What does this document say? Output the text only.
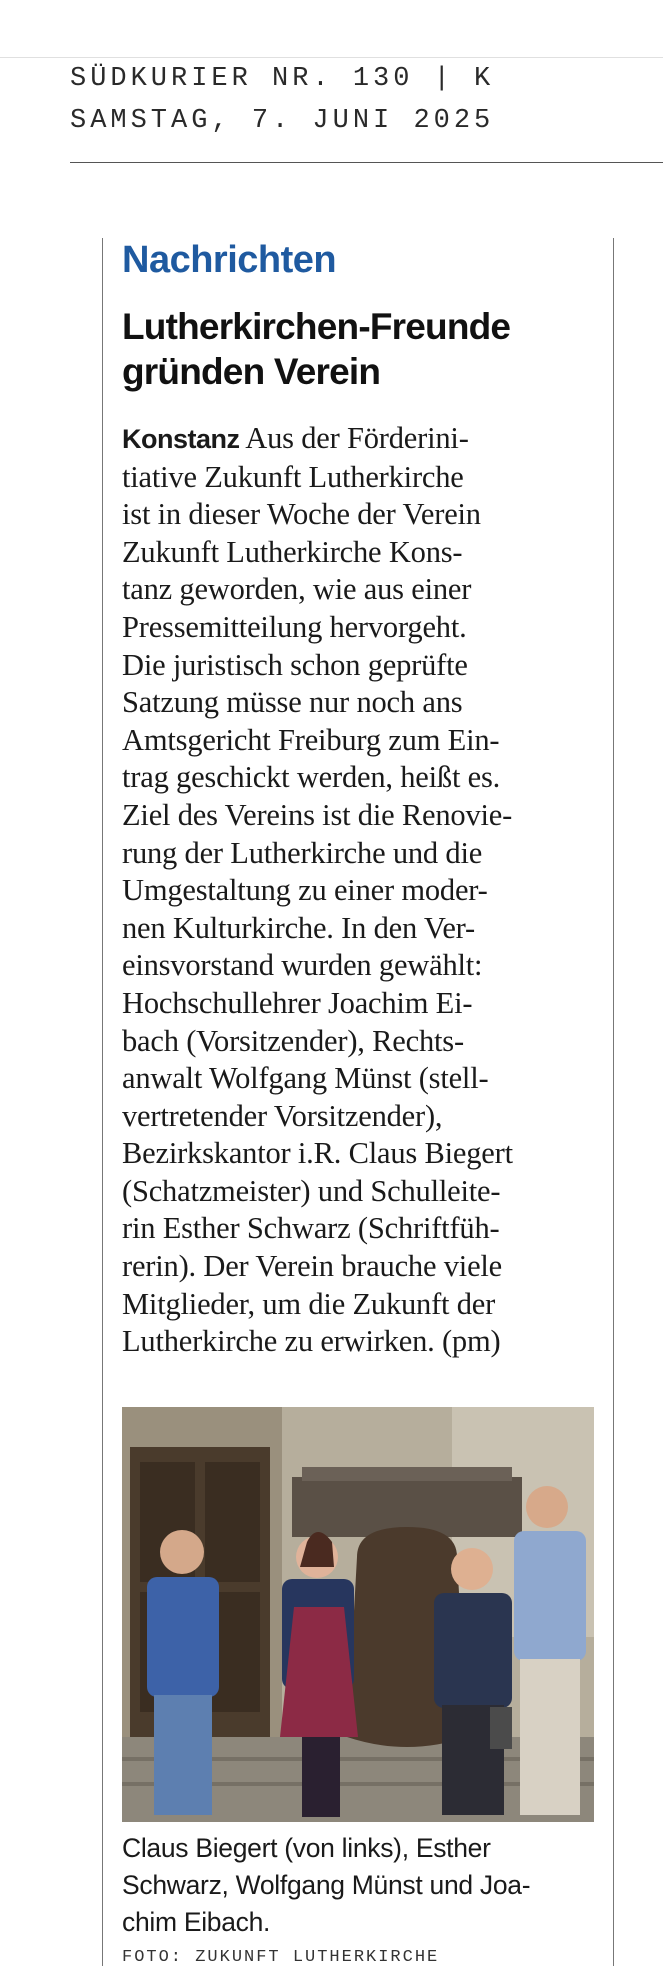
SÜDKURIER NR. 130 | K
SAMSTAG, 7. JUNI 2025
Nachrichten
Lutherkirchen-Freunde
gründen Verein
Konstanz Aus der Förderini-
tiative Zukunft Lutherkirche
ist in dieser Woche der Verein
Zukunft Lutherkirche Kons-
tanz geworden, wie aus einer
Pressemitteilung hervorgeht.
Die juristisch schon geprüfte
Satzung müsse nur noch ans
Amtsgericht Freiburg zum Ein-
trag geschickt werden, heißt es.
Ziel des Vereins ist die Renovie-
rung der Lutherkirche und die
Umgestaltung zu einer moder-
nen Kulturkirche. In den Ver-
einsvorstand wurden gewählt:
Hochschullehrer Joachim Ei-
bach (Vorsitzender), Rechts-
anwalt Wolfgang Münst (stell-
vertretender Vorsitzender),
Bezirkskantor i.R. Claus Biegert
(Schatzmeister) und Schulleite-
rin Esther Schwarz (Schriftfüh-
rerin). Der Verein brauche viele
Mitglieder, um die Zukunft der
Lutherkirche zu erwirken. (pm)
Claus Biegert (von links), Esther
Schwarz, Wolfgang Münst und Joa-
chim Eibach.
FOTO: ZUKUNFT LUTHERKIRCHE
